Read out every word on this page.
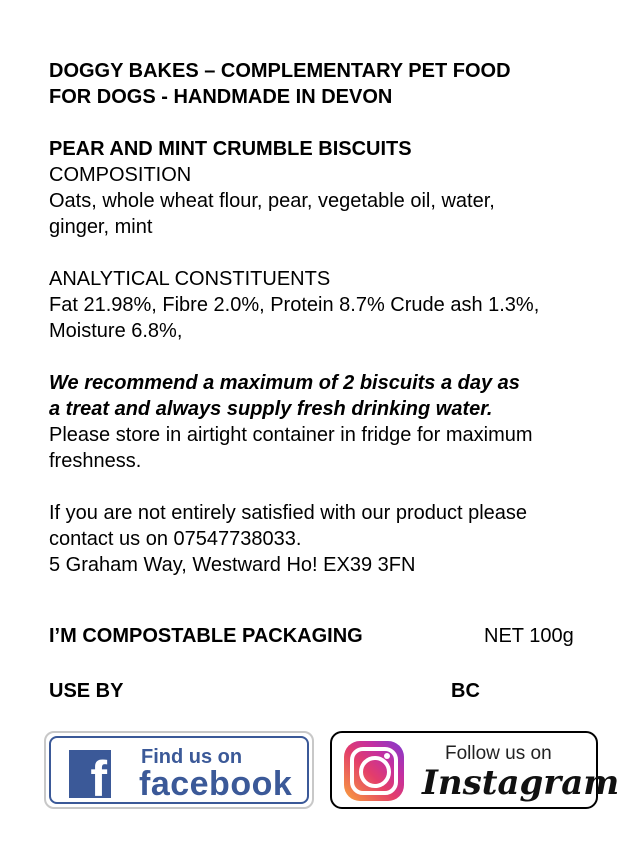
DOGGY BAKES – COMPLEMENTARY PET FOOD
FOR DOGS - HANDMADE IN DEVON
PEAR AND MINT CRUMBLE BISCUITS
COMPOSITION
Oats, whole wheat flour, pear, vegetable oil, water,
ginger, mint
ANALYTICAL CONSTITUENTS
Fat 21.98%, Fibre 2.0%, Protein 8.7% Crude ash 1.3%,
Moisture 6.8%,
We recommend a maximum of 2 biscuits a day as
a treat and always supply fresh drinking water.
Please store in airtight container in fridge for maximum
freshness.
If you are not entirely satisfied with our product please
contact us on 07547738033.
5 Graham Way, Westward Ho! EX39 3FN
I’M COMPOSTABLE PACKAGING	NET 100g
USE BY	BC
f Find us on
facebook
Follow us on
Instagram
